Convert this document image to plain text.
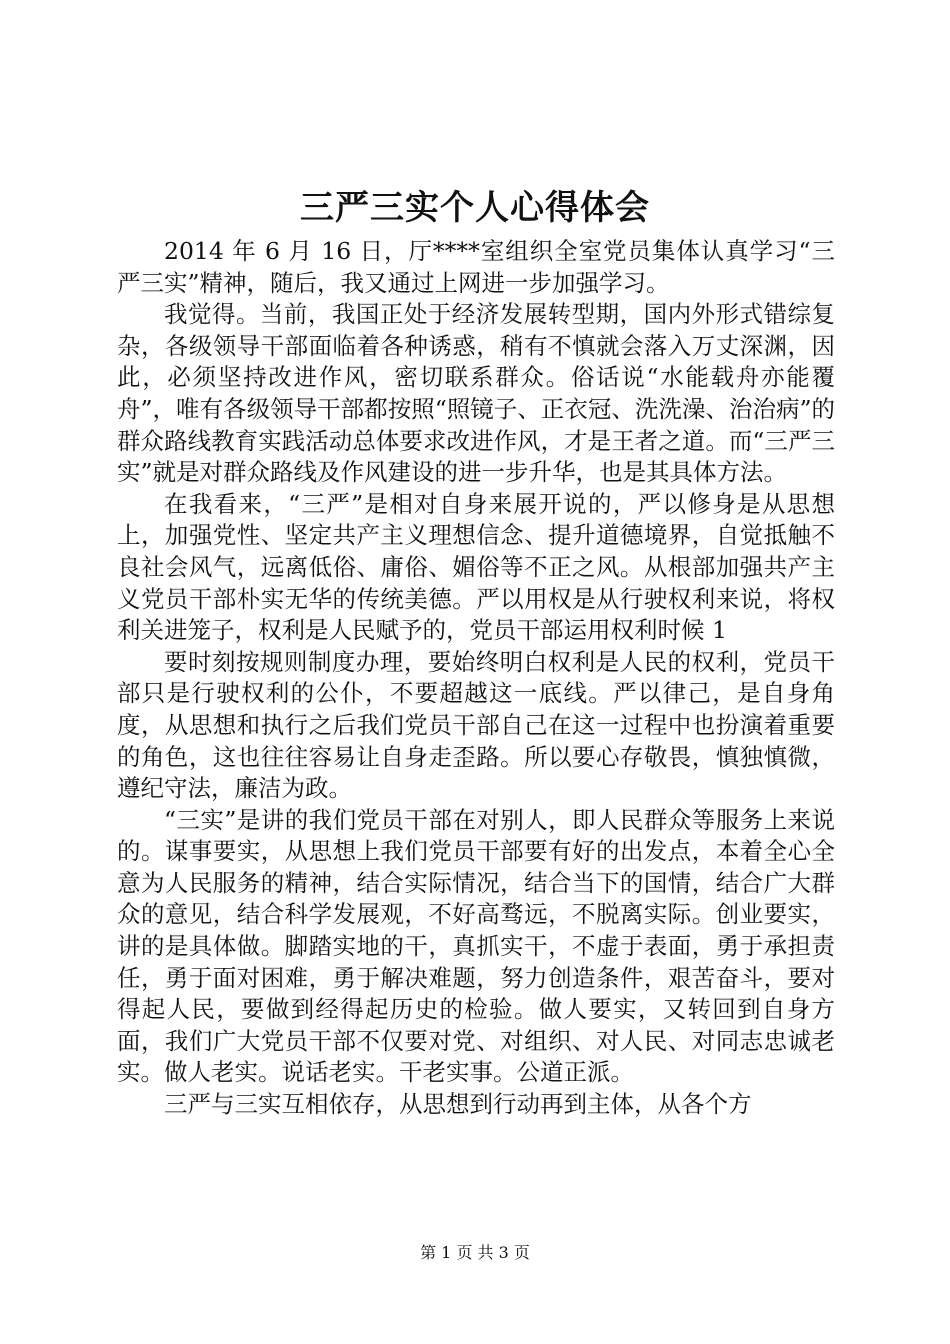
三严三实个人心得体会

2014 年 6 月 16 日，厅****室组织全室党员集体认真学习“三严三实”精神，随后，我又通过上网进一步加强学习。

我觉得。当前，我国正处于经济发展转型期，国内外形式错综复杂，各级领导干部面临着各种诱惑，稍有不慎就会落入万丈深渊，因此，必须坚持改进作风，密切联系群众。俗话说“水能载舟亦能覆舟”，唯有各级领导干部都按照“照镜子、正衣冠、洗洗澡、治治病”的群众路线教育实践活动总体要求改进作风，才是王者之道。而“三严三实”就是对群众路线及作风建设的进一步升华，也是其具体方法。

在我看来，“三严”是相对自身来展开说的，严以修身是从思想上，加强党性、坚定共产主义理想信念、提升道德境界，自觉抵触不良社会风气，远离低俗、庸俗、媚俗等不正之风。从根部加强共产主义党员干部朴实无华的传统美德。严以用权是从行驶权利来说，将权利关进笼子，权利是人民赋予的，党员干部运用权利时候 1

要时刻按规则制度办理，要始终明白权利是人民的权利，党员干部只是行驶权利的公仆，不要超越这一底线。严以律己，是自身角度，从思想和执行之后我们党员干部自己在这一过程中也扮演着重要的角色，这也往往容易让自身走歪路。所以要心存敬畏，慎独慎微，遵纪守法，廉洁为政。

“三实”是讲的我们党员干部在对别人，即人民群众等服务上来说的。谋事要实，从思想上我们党员干部要有好的出发点，本着全心全意为人民服务的精神，结合实际情况，结合当下的国情，结合广大群众的意见，结合科学发展观，不好高骛远，不脱离实际。创业要实，讲的是具体做。脚踏实地的干，真抓实干，不虚于表面，勇于承担责任，勇于面对困难，勇于解决难题，努力创造条件，艰苦奋斗，要对得起人民，要做到经得起历史的检验。做人要实，又转回到自身方面，我们广大党员干部不仅要对党、对组织、对人民、对同志忠诚老实。做人老实。说话老实。干老实事。公道正派。

三严与三实互相依存，从思想到行动再到主体，从各个方

第 1 页 共 3 页
